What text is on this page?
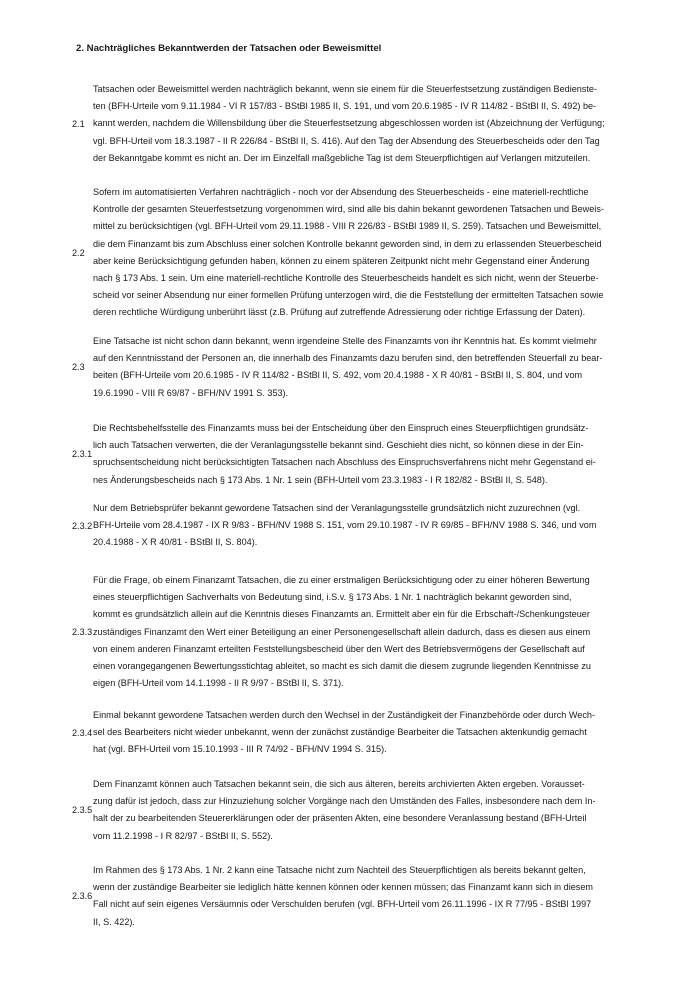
2. Nachträgliches Bekanntwerden der Tatsachen oder Beweismittel
2.1
Tatsachen oder Beweismittel werden nachträglich bekannt, wenn sie einem für die Steuerfestsetzung zuständigen Bedienste-
ten (BFH-Urteile vom 9.11.1984 - VI R 157/83 - BStBl 1985 II, S. 191, und vom 20.6.1985 - IV R 114/82 - BStBl II, S. 492) be-
kannt werden, nachdem die Willensbildung über die Steuerfestsetzung abgeschlossen worden ist (Abzeichnung der Verfügung;
vgl. BFH-Urteil vom 18.3.1987 - II R 226/84 - BStBl II, S. 416). Auf den Tag der Absendung des Steuerbescheids oder den Tag
der Bekanntgabe kommt es nicht an. Der im Einzelfall maßgebliche Tag ist dem Steuerpflichtigen auf Verlangen mitzuteilen.
2.2
Sofern im automatisierten Verfahren nachträglich - noch vor der Absendung des Steuerbescheids - eine materiell-rechtliche
Kontrolle der gesamten Steuerfestsetzung vorgenommen wird, sind alle bis dahin bekannt gewordenen Tatsachen und Beweis-
mittel zu berücksichtigen (vgl. BFH-Urteil vom 29.11.1988 - VIII R 226/83 - BStBl 1989 II, S. 259). Tatsachen und Beweismittel,
die dem Finanzamt bis zum Abschluss einer solchen Kontrolle bekannt geworden sind, in dem zu erlassenden Steuerbescheid
aber keine Berücksichtigung gefunden haben, können zu einem späteren Zeitpunkt nicht mehr Gegenstand einer Änderung
nach § 173 Abs. 1 sein. Um eine materiell-rechtliche Kontrolle des Steuerbescheids handelt es sich nicht, wenn der Steuerbe-
scheid vor seiner Absendung nur einer formellen Prüfung unterzogen wird, die die Feststellung der ermittelten Tatsachen sowie
deren rechtliche Würdigung unberührt lässt (z.B. Prüfung auf zutreffende Adressierung oder richtige Erfassung der Daten).
2.3
Eine Tatsache ist nicht schon dann bekannt, wenn irgendeine Stelle des Finanzamts von ihr Kenntnis hat. Es kommt vielmehr
auf den Kenntnisstand der Personen an, die innerhalb des Finanzamts dazu berufen sind, den betreffenden Steuerfall zu bear-
beiten (BFH-Urteile vom 20.6.1985 - IV R 114/82 - BStBl II, S. 492, vom 20.4.1988 - X R 40/81 - BStBl II, S. 804, und vom
19.6.1990 - VIII R 69/87 - BFH/NV 1991 S. 353).
2.3.1
Die Rechtsbehelfsstelle des Finanzamts muss bei der Entscheidung über den Einspruch eines Steuerpflichtigen grundsätz-
lich auch Tatsachen verwerten, die der Veranlagungsstelle bekannt sind. Geschieht dies nicht, so können diese in der Ein-
spruchsentscheidung nicht berücksichtigten Tatsachen nach Abschluss des Einspruchsverfahrens nicht mehr Gegenstand ei-
nes Änderungsbescheids nach § 173 Abs. 1 Nr. 1 sein (BFH-Urteil vom 23.3.1983 - I R 182/82 - BStBl II, S. 548).
2.3.2
Nur dem Betriebsprüfer bekannt gewordene Tatsachen sind der Veranlagungsstelle grundsätzlich nicht zuzurechnen (vgl.
BFH-Urteile vom 28.4.1987 - IX R 9/83 - BFH/NV 1988 S. 151, vom 29.10.1987 - IV R 69/85 - BFH/NV 1988 S. 346, und vom
20.4.1988 - X R 40/81 - BStBl II, S. 804).
2.3.3
Für die Frage, ob einem Finanzamt Tatsachen, die zu einer erstmaligen Berücksichtigung oder zu einer höheren Bewertung
eines steuerpflichtigen Sachverhalts von Bedeutung sind, i.S.v. § 173 Abs. 1 Nr. 1 nachträglich bekannt geworden sind,
kommt es grundsätzlich allein auf die Kenntnis dieses Finanzamts an. Ermittelt aber ein für die Erbschaft-/Schenkungsteuer
zuständiges Finanzamt den Wert einer Beteiligung an einer Personengesellschaft allein dadurch, dass es diesen aus einem
von einem anderen Finanzamt erteilten Feststellungsbescheid über den Wert des Betriebsvermögens der Gesellschaft auf
einen vorangegangenen Bewertungsstichtag ableitet, so macht es sich damit die diesem zugrunde liegenden Kenntnisse zu
eigen (BFH-Urteil vom 14.1.1998 - II R 9/97 - BStBl II, S. 371).
2.3.4
Einmal bekannt gewordene Tatsachen werden durch den Wechsel in der Zuständigkeit der Finanzbehörde oder durch Wech-
sel des Bearbeiters nicht wieder unbekannt, wenn der zunächst zuständige Bearbeiter die Tatsachen aktenkundig gemacht
hat (vgl. BFH-Urteil vom 15.10.1993 - III R 74/92 - BFH/NV 1994 S. 315).
2.3.5
Dem Finanzamt können auch Tatsachen bekannt sein, die sich aus älteren, bereits archivierten Akten ergeben. Vorausset-
zung dafür ist jedoch, dass zur Hinzuziehung solcher Vorgänge nach den Umständen des Falles, insbesondere nach dem In-
halt der zu bearbeitenden Steuererklärungen oder der präsenten Akten, eine besondere Veranlassung bestand (BFH-Urteil
vom 11.2.1998 - I R 82/97 - BStBl II, S. 552).
2.3.6
Im Rahmen des § 173 Abs. 1 Nr. 2 kann eine Tatsache nicht zum Nachteil des Steuerpflichtigen als bereits bekannt gelten,
wenn der zuständige Bearbeiter sie lediglich hätte kennen können oder kennen müssen; das Finanzamt kann sich in diesem
Fall nicht auf sein eigenes Versäumnis oder Verschulden berufen (vgl. BFH-Urteil vom 26.11.1996 - IX R 77/95 - BStBl 1997
II, S. 422).
